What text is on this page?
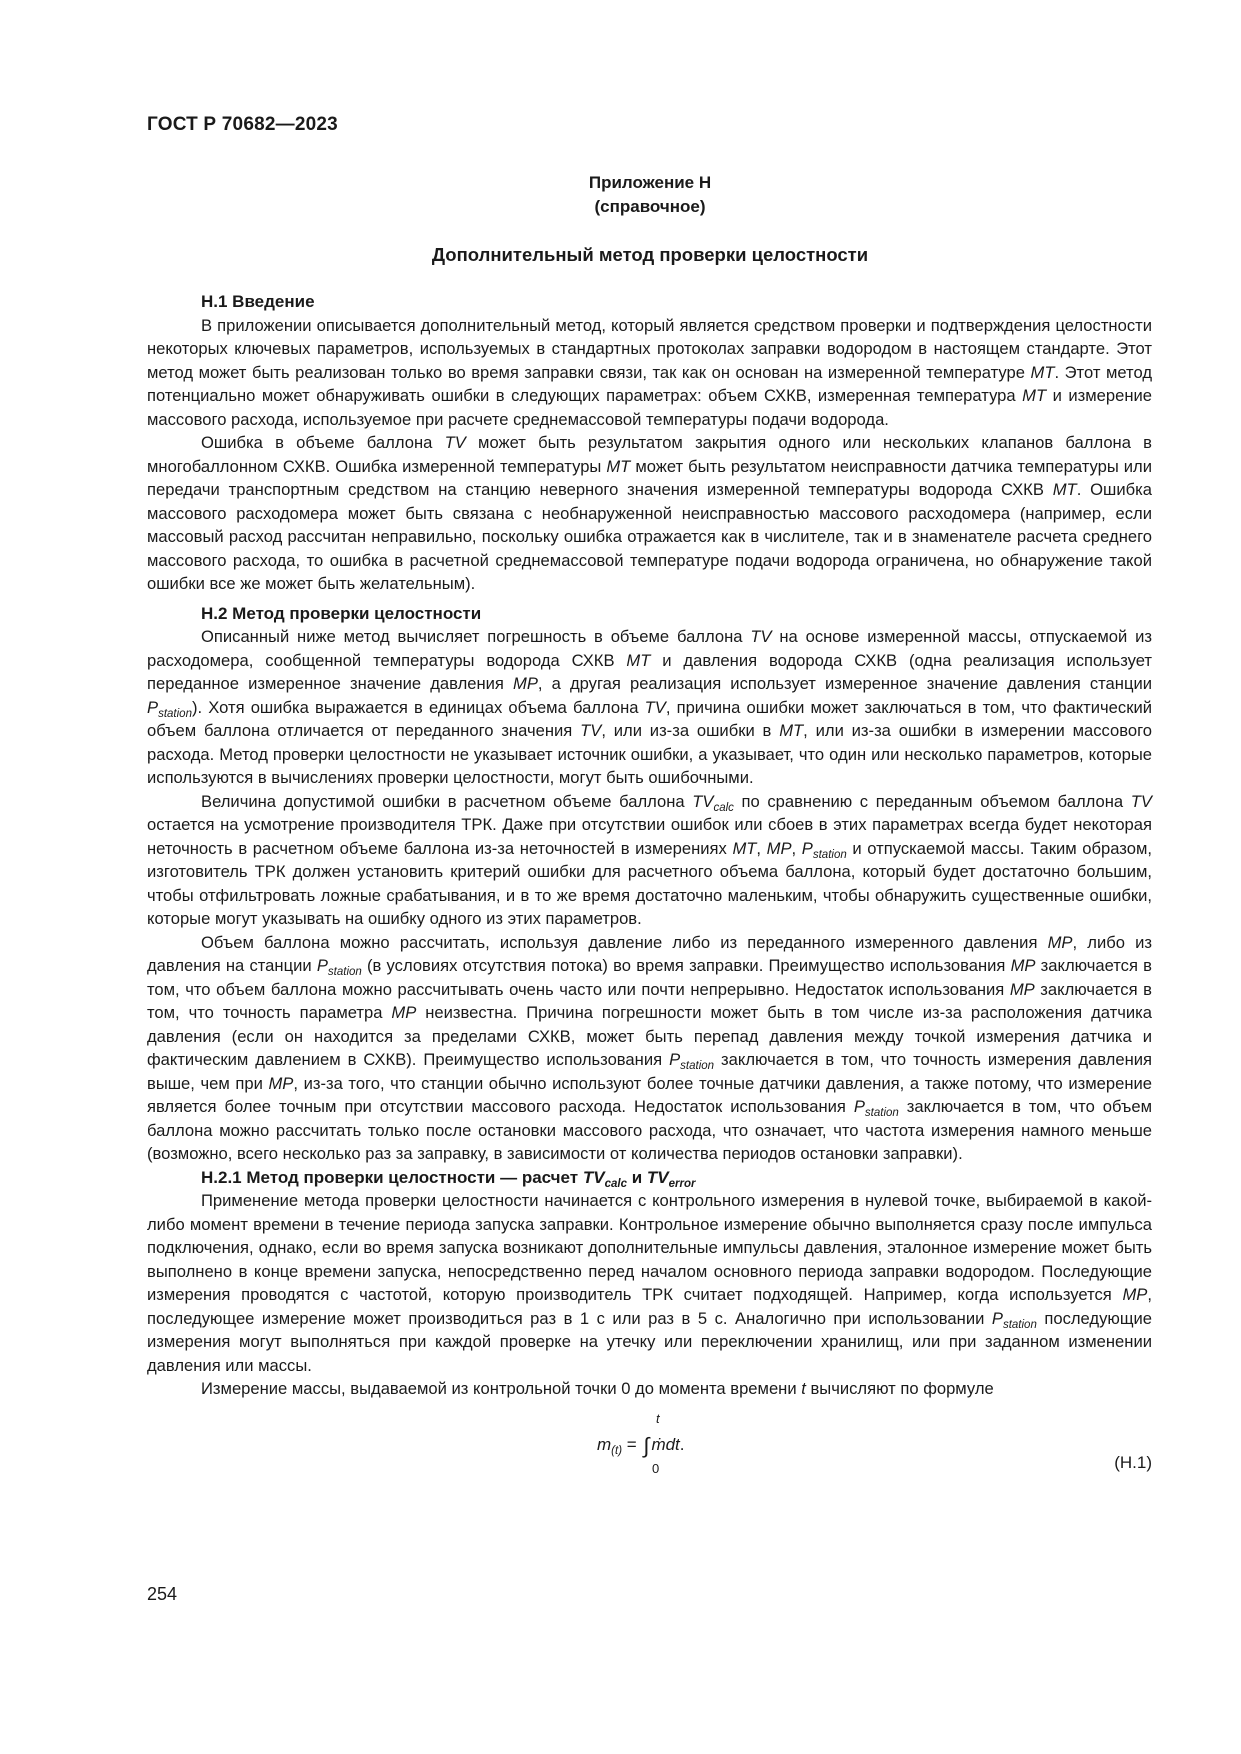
ГОСТ Р 70682—2023
Приложение Н
(справочное)
Дополнительный метод проверки целостности

Н.1 Введение

В приложении описывается дополнительный метод, который является средством проверки и подтверждения целостности некоторых ключевых параметров, используемых в стандартных протоколах заправки водородом в настоящем стандарте. Этот метод может быть реализован только во время заправки связи, так как он основан на измеренной температуре MT. Этот метод потенциально может обнаруживать ошибки в следующих параметрах: объем СХКВ, измеренная температура MT и измерение массового расхода, используемое при расчете среднемассовой температуры подачи водорода.

Ошибка в объеме баллона TV может быть результатом закрытия одного или нескольких клапанов баллона в многобаллонном СХКВ. Ошибка измеренной температуры MT может быть результатом неисправности датчика температуры или передачи транспортным средством на станцию неверного значения измеренной температуры водорода СХКВ MT. Ошибка массового расходомера может быть связана с необнаруженной неисправностью массового расходомера (например, если массовый расход рассчитан неправильно, поскольку ошибка отражается как в числителе, так и в знаменателе расчета среднего массового расхода, то ошибка в расчетной среднемассовой температуре подачи водорода ограничена, но обнаружение такой ошибки все же может быть желательным).

Н.2 Метод проверки целостности

Описанный ниже метод вычисляет погрешность в объеме баллона TV на основе измеренной массы, отпускаемой из расходомера, сообщенной температуры водорода СХКВ MT и давления водорода СХКВ (одна реализация использует переданное измеренное значение давления MP, а другая реализация использует измеренное значение давления станции $P_{station}$). Хотя ошибка выражается в единицах объема баллона TV, причина ошибки может заключаться в том, что фактический объем баллона отличается от переданного значения TV, или из-за ошибки в MT, или из-за ошибки в измерении массового расхода. Метод проверки целостности не указывает источник ошибки, а указывает, что один или несколько параметров, которые используются в вычислениях проверки целостности, могут быть ошибочными.

Величина допустимой ошибки в расчетном объеме баллона $TV_{calc}$ по сравнению с переданным объемом баллона TV остается на усмотрение производителя ТРК. Даже при отсутствии ошибок или сбоев в этих параметрах всегда будет некоторая неточность в расчетном объеме баллона из-за неточностей в измерениях MT, MP, $P_{station}$ и отпускаемой массы. Таким образом, изготовитель ТРК должен установить критерий ошибки для расчетного объема баллона, который будет достаточно большим, чтобы отфильтровать ложные срабатывания, и в то же время достаточно маленьким, чтобы обнаружить существенные ошибки, которые могут указывать на ошибку одного из этих параметров.

Объем баллона можно рассчитать, используя давление либо из переданного измеренного давления MP, либо из давления на станции $P_{station}$ (в условиях отсутствия потока) во время заправки. Преимущество использования MP заключается в том, что объем баллона можно рассчитывать очень часто или почти непрерывно. Недостаток использования MP заключается в том, что точность параметра MP неизвестна. Причина погрешности может быть в том числе из-за расположения датчика давления (если он находится за пределами СХКВ, может быть перепад давления между точкой измерения датчика и фактическим давлением в СХКВ). Преимущество использования $P_{station}$ заключается в том, что точность измерения давления выше, чем при MP, из-за того, что станции обычно используют более точные датчики давления, а также потому, что измерение является более точным при отсутствии массового расхода. Недостаток использования $P_{station}$ заключается в том, что объем баллона можно рассчитать только после остановки массового расхода, что означает, что частота измерения намного меньше (возможно, всего несколько раз за заправку, в зависимости от количества периодов остановки заправки).

Н.2.1 Метод проверки целостности — расчет $TV_{calc}$ и $TV_{error}$

Применение метода проверки целостности начинается с контрольного измерения в нулевой точке, выбираемой в какой-либо момент времени в течение периода запуска заправки. Контрольное измерение обычно выполняется сразу после импульса подключения, однако, если во время запуска возникают дополнительные импульсы давления, эталонное измерение может быть выполнено в конце времени запуска, непосредственно перед началом основного периода заправки водородом. Последующие измерения проводятся с частотой, которую производитель ТРК считает подходящей. Например, когда используется MP, последующее измерение может производиться раз в 1 с или раз в 5 с. Аналогично при использовании $P_{station}$ последующие измерения могут выполняться при каждой проверке на утечку или переключении хранилищ, или при заданном изменении давления или массы.

Измерение массы, выдаваемой из контрольной точки 0 до момента времени t вычисляют по формуле

t
$m_{(t)}$ = ∫ ṁdt.
0	(Н.1)
254
